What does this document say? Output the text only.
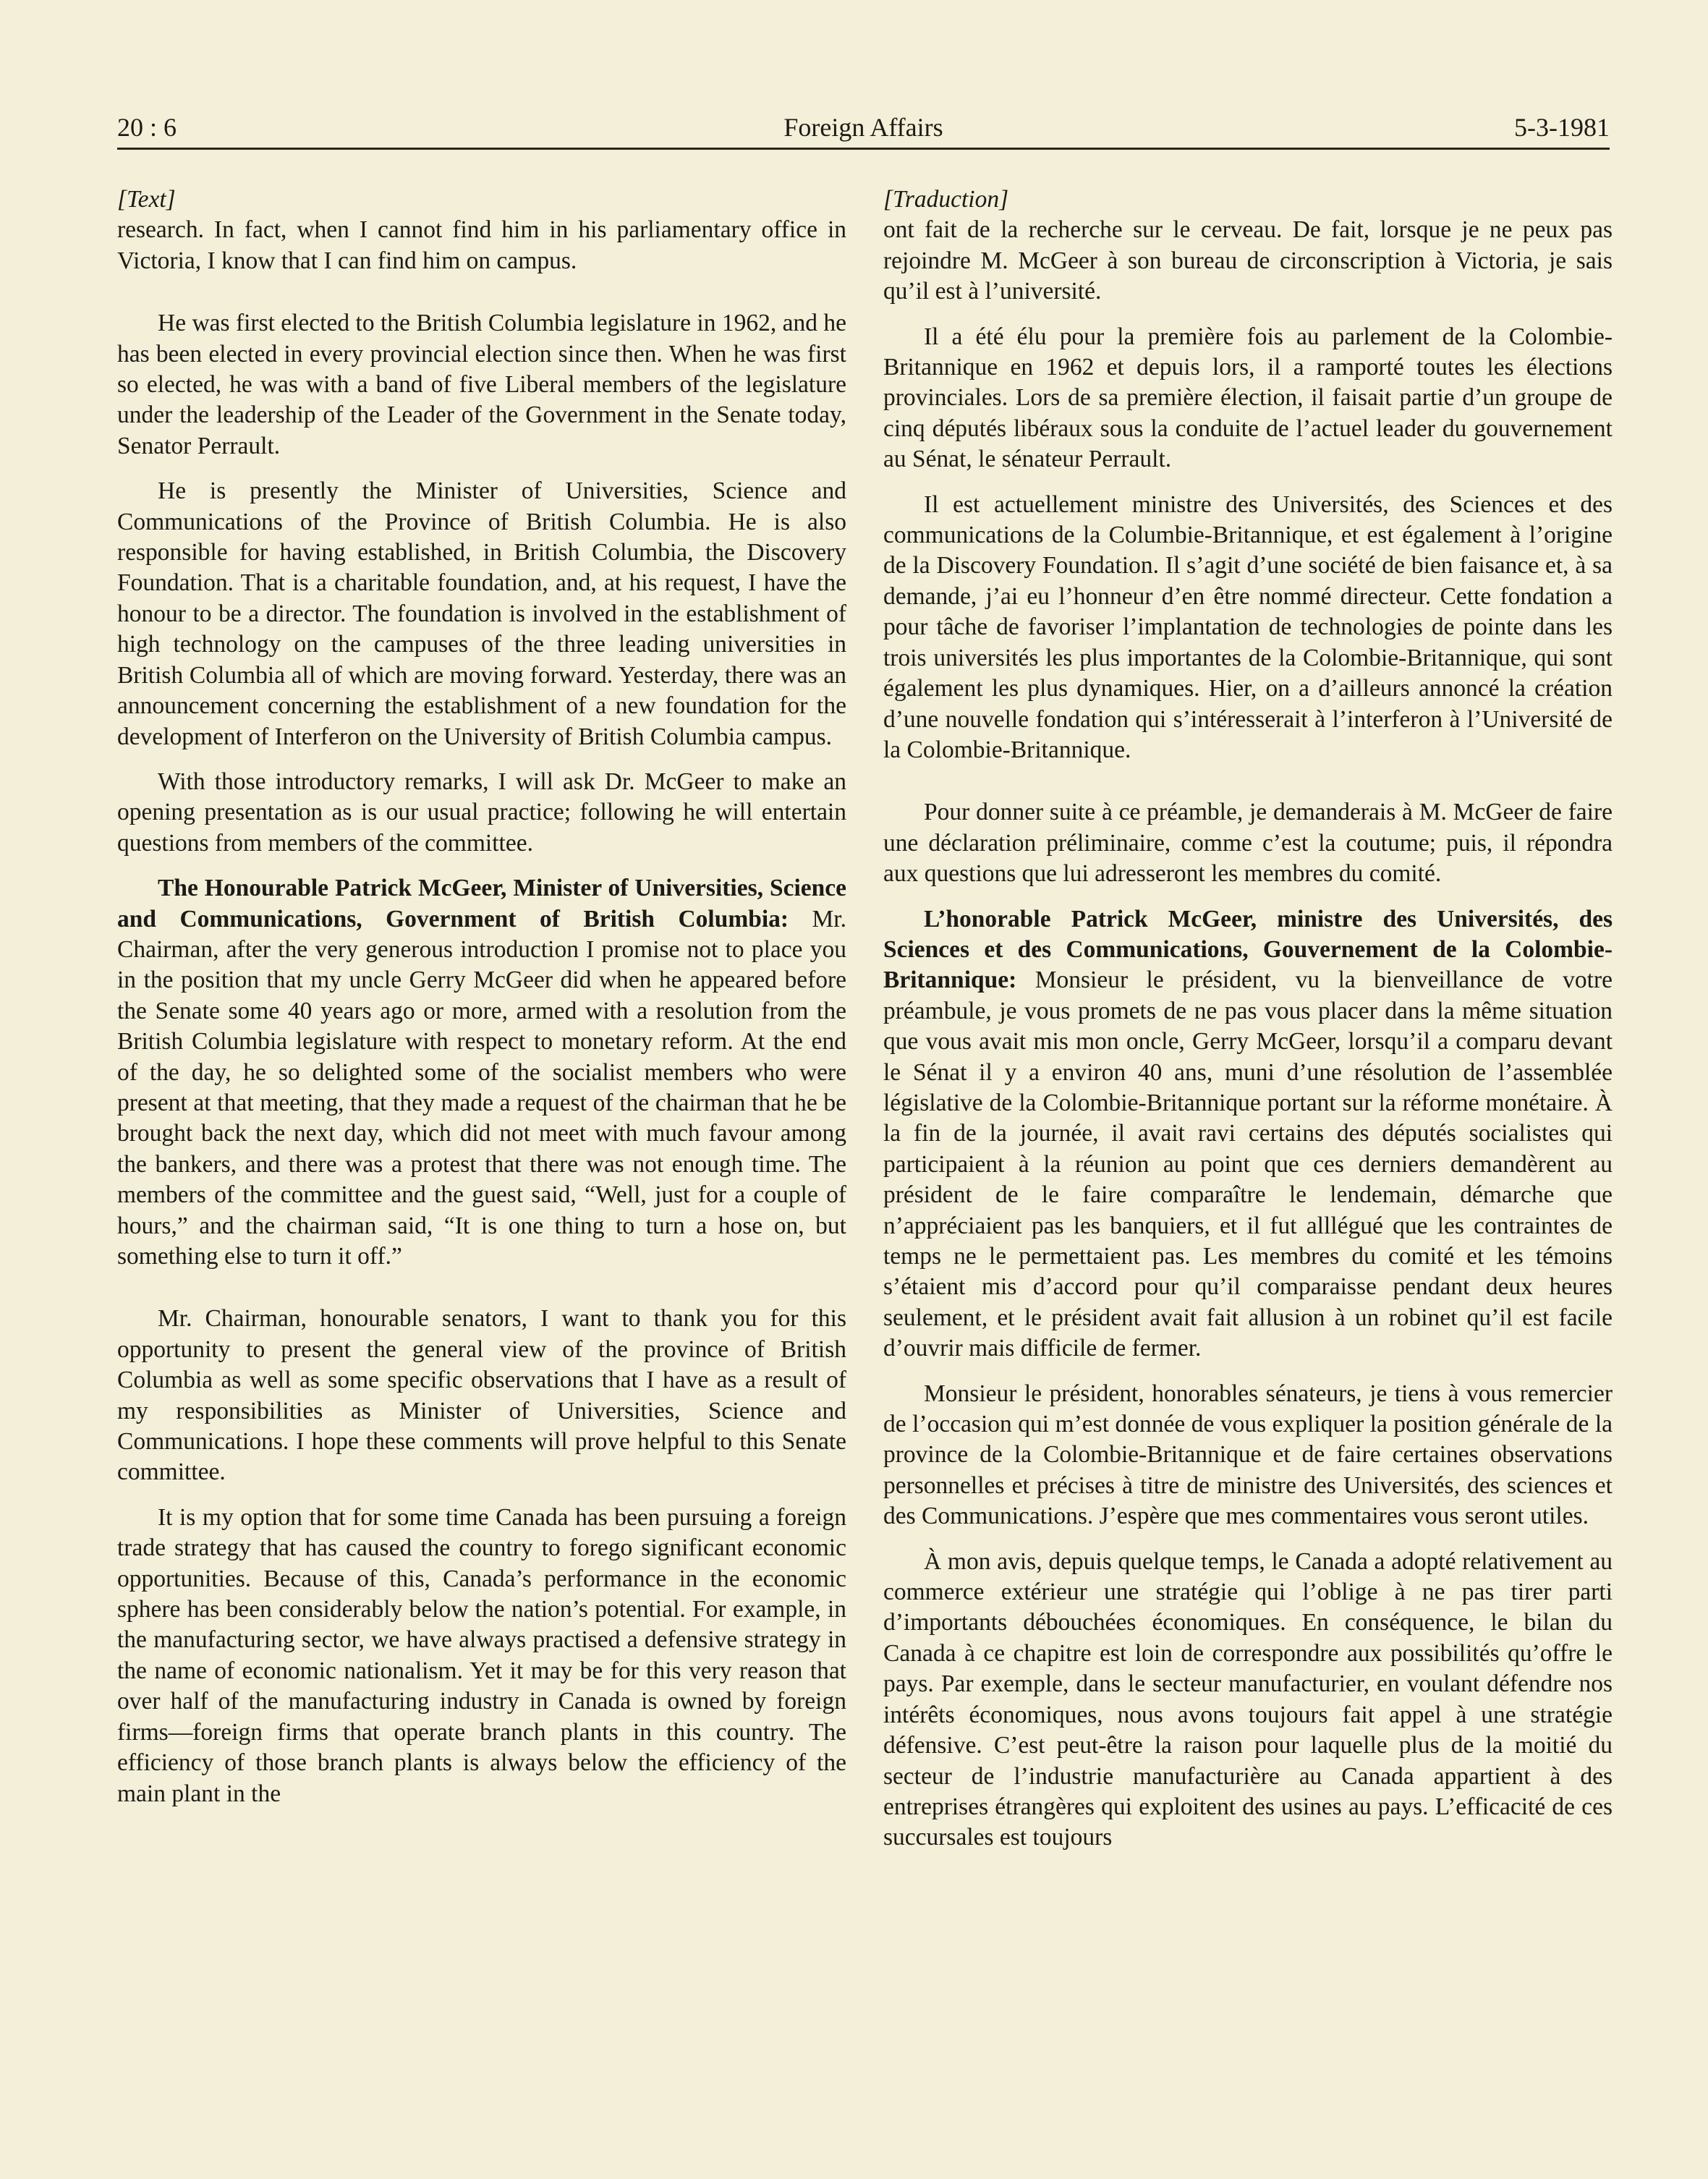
20 : 6	Foreign Affairs	5-3-1981
[Text]

research. In fact, when I cannot find him in his parliamentary office in Victoria, I know that I can find him on campus.

He was first elected to the British Columbia legislature in 1962, and he has been elected in every provincial election since then. When he was first so elected, he was with a band of five Liberal members of the legislature under the leadership of the Leader of the Government in the Senate today, Senator Perrault.

He is presently the Minister of Universities, Science and Communications of the Province of British Columbia. He is also responsible for having established, in British Columbia, the Discovery Foundation. That is a charitable foundation, and, at his request, I have the honour to be a director. The foundation is involved in the establishment of high technology on the campuses of the three leading universities in British Columbia all of which are moving forward. Yesterday, there was an announcement concerning the establishment of a new foundation for the development of Interferon on the University of British Columbia campus.

With those introductory remarks, I will ask Dr. McGeer to make an opening presentation as is our usual practice; following he will entertain questions from members of the committee.

The Honourable Patrick McGeer, Minister of Universities, Science and Communications, Government of British Columbia: Mr. Chairman, after the very generous introduction I promise not to place you in the position that my uncle Gerry McGeer did when he appeared before the Senate some 40 years ago or more, armed with a resolution from the British Columbia legislature with respect to monetary reform. At the end of the day, he so delighted some of the socialist members who were present at that meeting, that they made a request of the chairman that he be brought back the next day, which did not meet with much favour among the bankers, and there was a protest that there was not enough time. The members of the committee and the guest said, “Well, just for a couple of hours,” and the chairman said, “It is one thing to turn a hose on, but something else to turn it off.”

Mr. Chairman, honourable senators, I want to thank you for this opportunity to present the general view of the province of British Columbia as well as some specific observations that I have as a result of my responsibilities as Minister of Universities, Science and Communications. I hope these comments will prove helpful to this Senate committee.

It is my option that for some time Canada has been pursuing a foreign trade strategy that has caused the country to forego significant economic opportunities. Because of this, Canada’s performance in the economic sphere has been considerably below the nation’s potential. For example, in the manufacturing sector, we have always practised a defensive strategy in the name of economic nationalism. Yet it may be for this very reason that over half of the manufacturing industry in Canada is owned by foreign firms—foreign firms that operate branch plants in this country. The efficiency of those branch plants is always below the efficiency of the main plant in the

[Traduction]

ont fait de la recherche sur le cerveau. De fait, lorsque je ne peux pas rejoindre M. McGeer à son bureau de circonscription à Victoria, je sais qu’il est à l’université.

Il a été élu pour la première fois au parlement de la Colombie-Britannique en 1962 et depuis lors, il a ramporté toutes les élections provinciales. Lors de sa première élection, il faisait partie d’un groupe de cinq députés libéraux sous la conduite de l’actuel leader du gouvernement au Sénat, le sénateur Perrault.

Il est actuellement ministre des Universités, des Sciences et des communications de la Columbie-Britannique, et est également à l’origine de la Discovery Foundation. Il s’agit d’une société de bien faisance et, à sa demande, j’ai eu l’honneur d’en être nommé directeur. Cette fondation a pour tâche de favoriser l’implantation de technologies de pointe dans les trois universités les plus importantes de la Colombie-Britannique, qui sont également les plus dynamiques. Hier, on a d’ailleurs annoncé la création d’une nouvelle fondation qui s’intéresserait à l’interferon à l’Université de la Colombie-Britannique.

Pour donner suite à ce préamble, je demanderais à M. McGeer de faire une déclaration préliminaire, comme c’est la coutume; puis, il répondra aux questions que lui adresseront les membres du comité.

L’honorable Patrick McGeer, ministre des Universités, des Sciences et des Communications, Gouvernement de la Colombie-Britannique: Monsieur le président, vu la bienveillance de votre préambule, je vous promets de ne pas vous placer dans la même situation que vous avait mis mon oncle, Gerry McGeer, lorsqu’il a comparu devant le Sénat il y a environ 40 ans, muni d’une résolution de l’assemblée législative de la Colombie-Britannique portant sur la réforme monétaire. À la fin de la journée, il avait ravi certains des députés socialistes qui participaient à la réunion au point que ces derniers demandèrent au président de le faire comparaître le lendemain, démarche que n’appréciaient pas les banquiers, et il fut alllégué que les contraintes de temps ne le permettaient pas. Les membres du comité et les témoins s’étaient mis d’accord pour qu’il comparaisse pendant deux heures seulement, et le président avait fait allusion à un robinet qu’il est facile d’ouvrir mais difficile de fermer.

Monsieur le président, honorables sénateurs, je tiens à vous remercier de l’occasion qui m’est donnée de vous expliquer la position générale de la province de la Colombie-Britannique et de faire certaines observations personnelles et précises à titre de ministre des Universités, des sciences et des Communications. J’espère que mes commentaires vous seront utiles.

À mon avis, depuis quelque temps, le Canada a adopté relativement au commerce extérieur une stratégie qui l’oblige à ne pas tirer parti d’importants débouchées économiques. En conséquence, le bilan du Canada à ce chapitre est loin de correspondre aux possibilités qu’offre le pays. Par exemple, dans le secteur manufacturier, en voulant défendre nos intérêts économiques, nous avons toujours fait appel à une stratégie défensive. C’est peut-être la raison pour laquelle plus de la moitié du secteur de l’industrie manufacturière au Canada appartient à des entreprises étrangères qui exploitent des usines au pays. L’efficacité de ces succursales est toujours
